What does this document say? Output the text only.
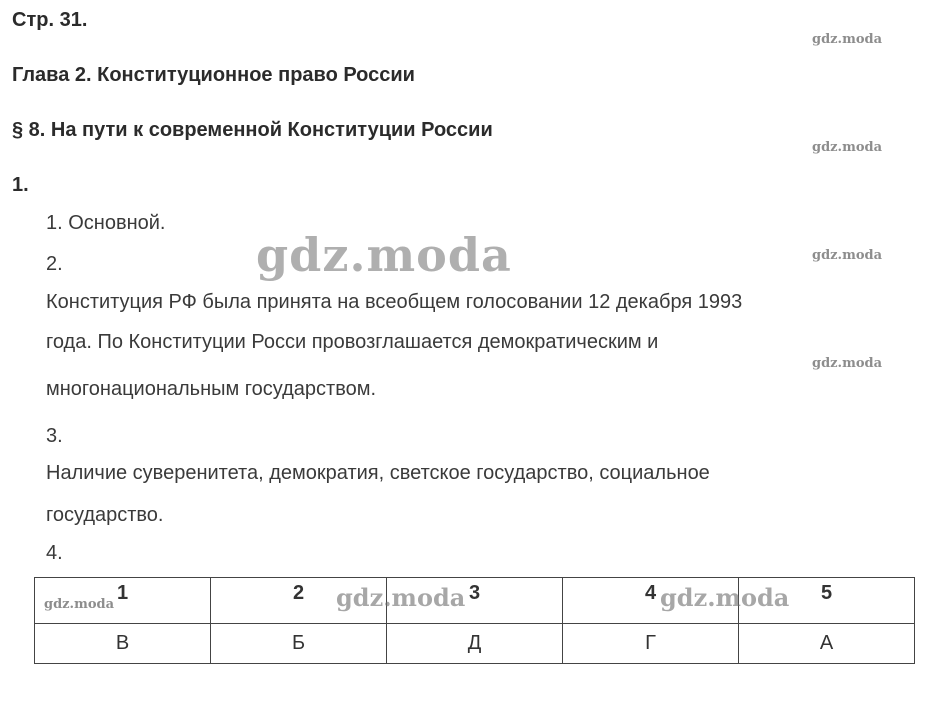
Стр. 31.
gdz.moda
Глава 2. Конституционное право России
§ 8. На пути к современной Конституции России
gdz.moda
1.
1. Основной.
2.	gdz.moda	gdz.moda
Конституция РФ была принята на всеобщем голосовании 12 декабря 1993
года. По Конституции Росси провозглашается демократическим и
gdz.moda
многонациональным государством.
3.
Наличие суверенитета, демократия, светское государство, социальное
государство.
4.
1	2	3	4	5
В	Б	Д	Г	А
gdz.moda	gdz.moda	gdz.moda
